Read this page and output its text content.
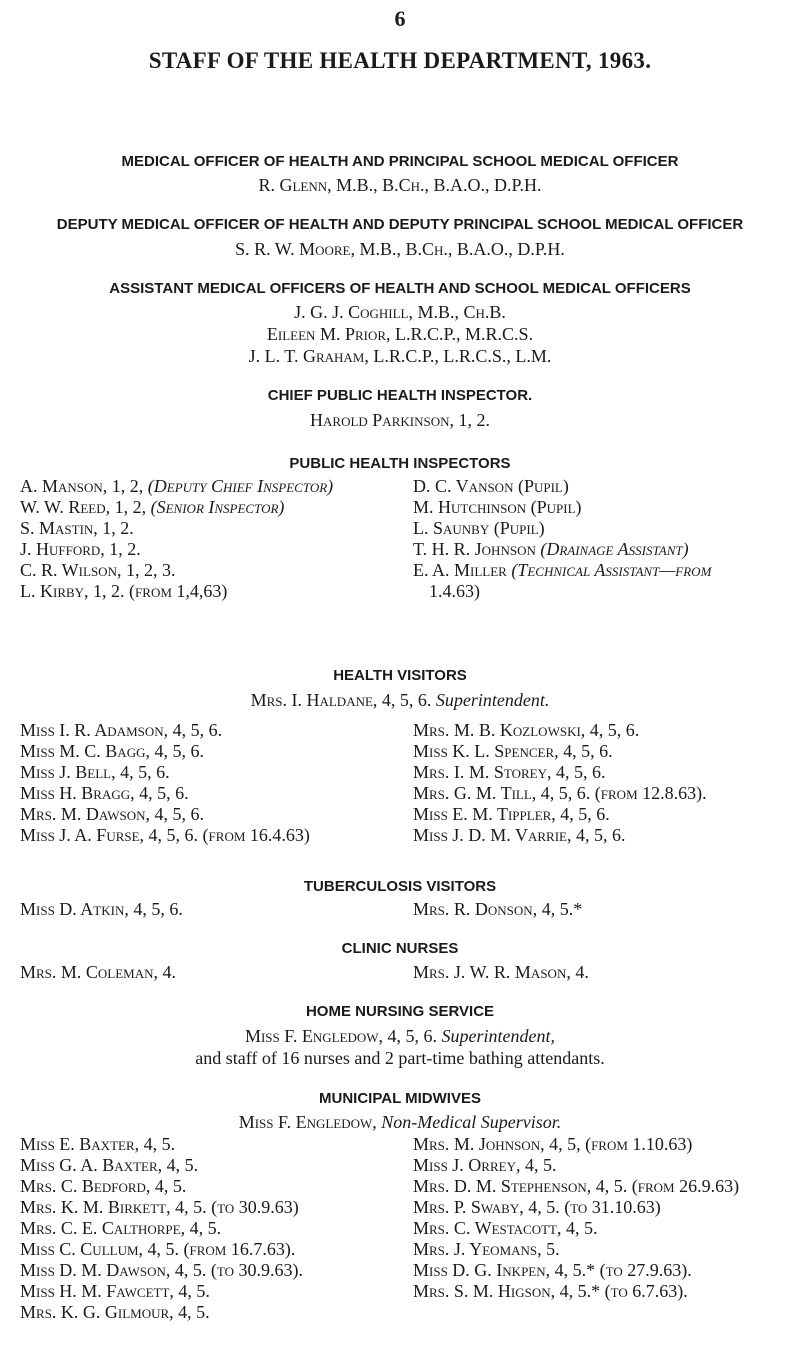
6
STAFF OF THE HEALTH DEPARTMENT, 1963.
MEDICAL OFFICER OF HEALTH AND PRINCIPAL SCHOOL MEDICAL OFFICER
R. Glenn, M.B., B.Ch., B.A.O., D.P.H.
DEPUTY MEDICAL OFFICER OF HEALTH AND DEPUTY PRINCIPAL SCHOOL MEDICAL OFFICER
S. R. W. Moore, M.B., B.Ch., B.A.O., D.P.H.
ASSISTANT MEDICAL OFFICERS OF HEALTH AND SCHOOL MEDICAL OFFICERS
J. G. J. Coghill, M.B., Ch.B.
Eileen M. Prior, L.R.C.P., M.R.C.S.
J. L. T. Graham, L.R.C.P., L.R.C.S., L.M.
CHIEF PUBLIC HEALTH INSPECTOR.
Harold Parkinson, 1, 2.
PUBLIC HEALTH INSPECTORS
A. Manson, 1, 2, (Deputy Chief Inspector)
W. W. Reed, 1, 2, (Senior Inspector)
S. Mastin, 1, 2.
J. Hufford, 1, 2.
C. R. Wilson, 1, 2, 3.
L. Kirby, 1, 2. (from 1,4,63)
D. C. Vanson (Pupil)
M. Hutchinson (Pupil)
L. Saunby (Pupil)
T. H. R. Johnson (Drainage Assistant)
E. A. Miller (Technical Assistant—from
1.4.63)
HEALTH VISITORS
Mrs. I. Haldane, 4, 5, 6. Superintendent.
Miss I. R. Adamson, 4, 5, 6.
Miss M. C. Bagg, 4, 5, 6.
Miss J. Bell, 4, 5, 6.
Miss H. Bragg, 4, 5, 6.
Mrs. M. Dawson, 4, 5, 6.
Miss J. A. Furse, 4, 5, 6. (from 16.4.63)
Mrs. M. B. Kozlowski, 4, 5, 6.
Miss K. L. Spencer, 4, 5, 6.
Mrs. I. M. Storey, 4, 5, 6.
Mrs. G. M. Till, 4, 5, 6. (from 12.8.63).
Miss E. M. Tippler, 4, 5, 6.
Miss J. D. M. Varrie, 4, 5, 6.
TUBERCULOSIS VISITORS
Miss D. Atkin, 4, 5, 6.	Mrs. R. Donson, 4, 5.*
CLINIC NURSES
Mrs. M. Coleman, 4.	Mrs. J. W. R. Mason, 4.
HOME NURSING SERVICE
Miss F. Engledow, 4, 5, 6. Superintendent,
and staff of 16 nurses and 2 part-time bathing attendants.
MUNICIPAL MIDWIVES
Miss F. Engledow, Non-Medical Supervisor.
Miss E. Baxter, 4, 5.
Miss G. A. Baxter, 4, 5.
Mrs. C. Bedford, 4, 5.
Mrs. K. M. Birkett, 4, 5. (to 30.9.63)
Mrs. C. E. Calthorpe, 4, 5.
Miss C. Cullum, 4, 5. (from 16.7.63).
Miss D. M. Dawson, 4, 5. (to 30.9.63).
Miss H. M. Fawcett, 4, 5.
Mrs. K. G. Gilmour, 4, 5.
Mrs. M. Johnson, 4, 5, (from 1.10.63)
Miss J. Orrey, 4, 5.
Mrs. D. M. Stephenson, 4, 5. (from 26.9.63)
Mrs. P. Swaby, 4, 5. (to 31.10.63)
Mrs. C. Westacott, 4, 5.
Mrs. J. Yeomans, 5.
Miss D. G. Inkpen, 4, 5.* (to 27.9.63).
Mrs. S. M. Higson, 4, 5.* (to 6.7.63).
